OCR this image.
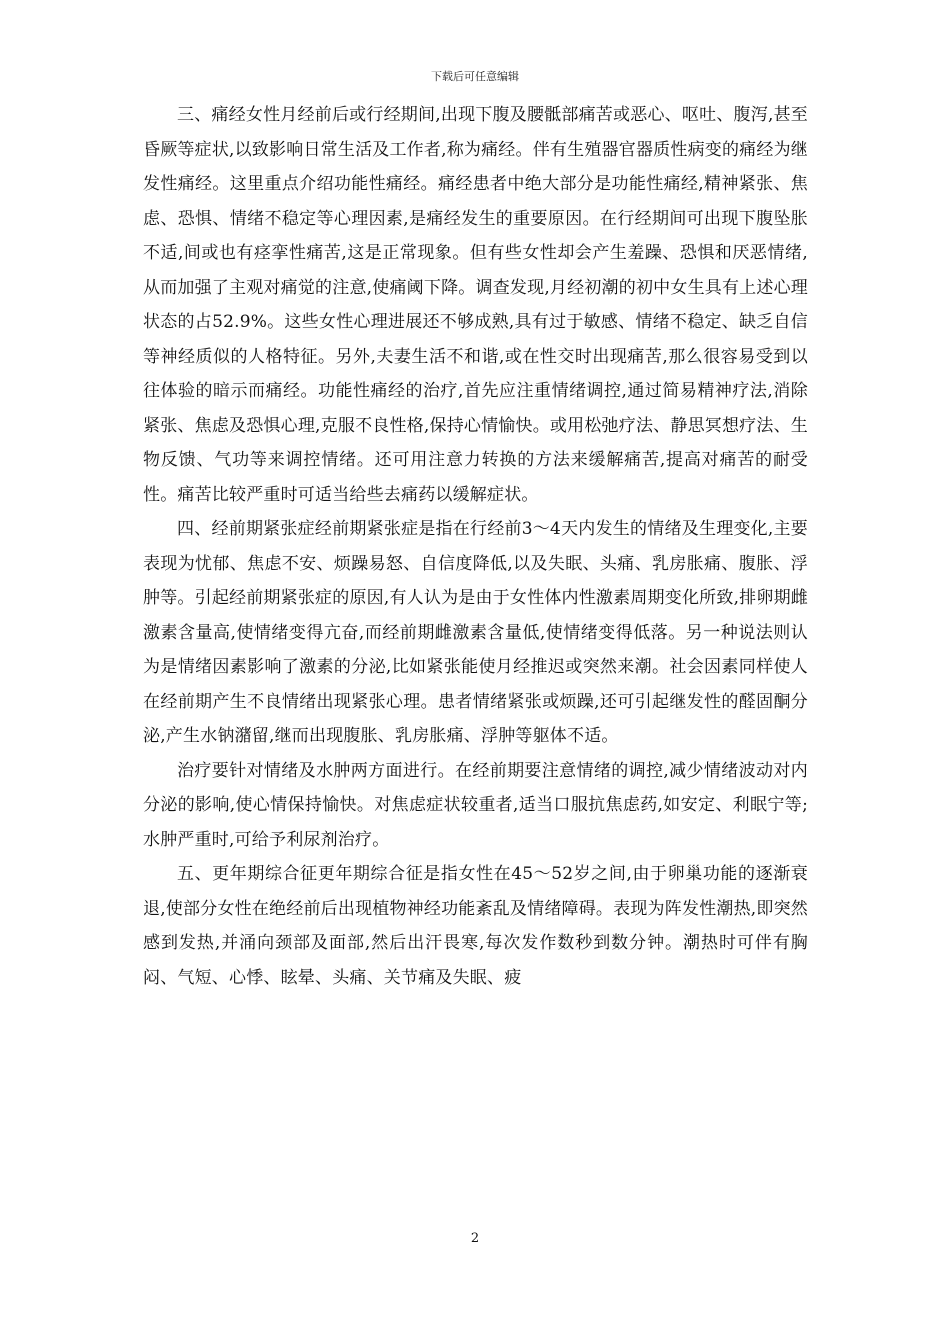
下载后可任意编辑

三、痛经女性月经前后或行经期间,出现下腹及腰骶部痛苦或恶心、呕吐、腹泻,甚至昏厥等症状,以致影响日常生活及工作者,称为痛经。伴有生殖器官器质性病变的痛经为继发性痛经。这里重点介绍功能性痛经。痛经患者中绝大部分是功能性痛经,精神紧张、焦虑、恐惧、情绪不稳定等心理因素,是痛经发生的重要原因。在行经期间可出现下腹坠胀不适,间或也有痉挛性痛苦,这是正常现象。但有些女性却会产生羞躁、恐惧和厌恶情绪,从而加强了主观对痛觉的注意,使痛阈下降。调查发现,月经初潮的初中女生具有上述心理状态的占52.9%。这些女性心理进展还不够成熟,具有过于敏感、情绪不稳定、缺乏自信等神经质似的人格特征。另外,夫妻生活不和谐,或在性交时出现痛苦,那么很容易受到以往体验的暗示而痛经。功能性痛经的治疗,首先应注重情绪调控,通过简易精神疗法,消除紧张、焦虑及恐惧心理,克服不良性格,保持心情愉快。或用松弛疗法、静思冥想疗法、生物反馈、气功等来调控情绪。还可用注意力转换的方法来缓解痛苦,提高对痛苦的耐受性。痛苦比较严重时可适当给些去痛药以缓解症状。

四、经前期紧张症经前期紧张症是指在行经前3～4天内发生的情绪及生理变化,主要表现为忧郁、焦虑不安、烦躁易怒、自信度降低,以及失眠、头痛、乳房胀痛、腹胀、浮肿等。引起经前期紧张症的原因,有人认为是由于女性体内性激素周期变化所致,排卵期雌激素含量高,使情绪变得亢奋,而经前期雌激素含量低,使情绪变得低落。另一种说法则认为是情绪因素影响了激素的分泌,比如紧张能使月经推迟或突然来潮。社会因素同样使人在经前期产生不良情绪出现紧张心理。患者情绪紧张或烦躁,还可引起继发性的醛固酮分泌,产生水钠潴留,继而出现腹胀、乳房胀痛、浮肿等躯体不适。

治疗要针对情绪及水肿两方面进行。在经前期要注意情绪的调控,减少情绪波动对内分泌的影响,使心情保持愉快。对焦虑症状较重者,适当口服抗焦虑药,如安定、利眠宁等;水肿严重时,可给予利尿剂治疗。

五、更年期综合征更年期综合征是指女性在45～52岁之间,由于卵巢功能的逐渐衰退,使部分女性在绝经前后出现植物神经功能紊乱及情绪障碍。表现为阵发性潮热,即突然感到发热,并涌向颈部及面部,然后出汗畏寒,每次发作数秒到数分钟。潮热时可伴有胸闷、气短、心悸、眩晕、头痛、关节痛及失眠、疲

2
